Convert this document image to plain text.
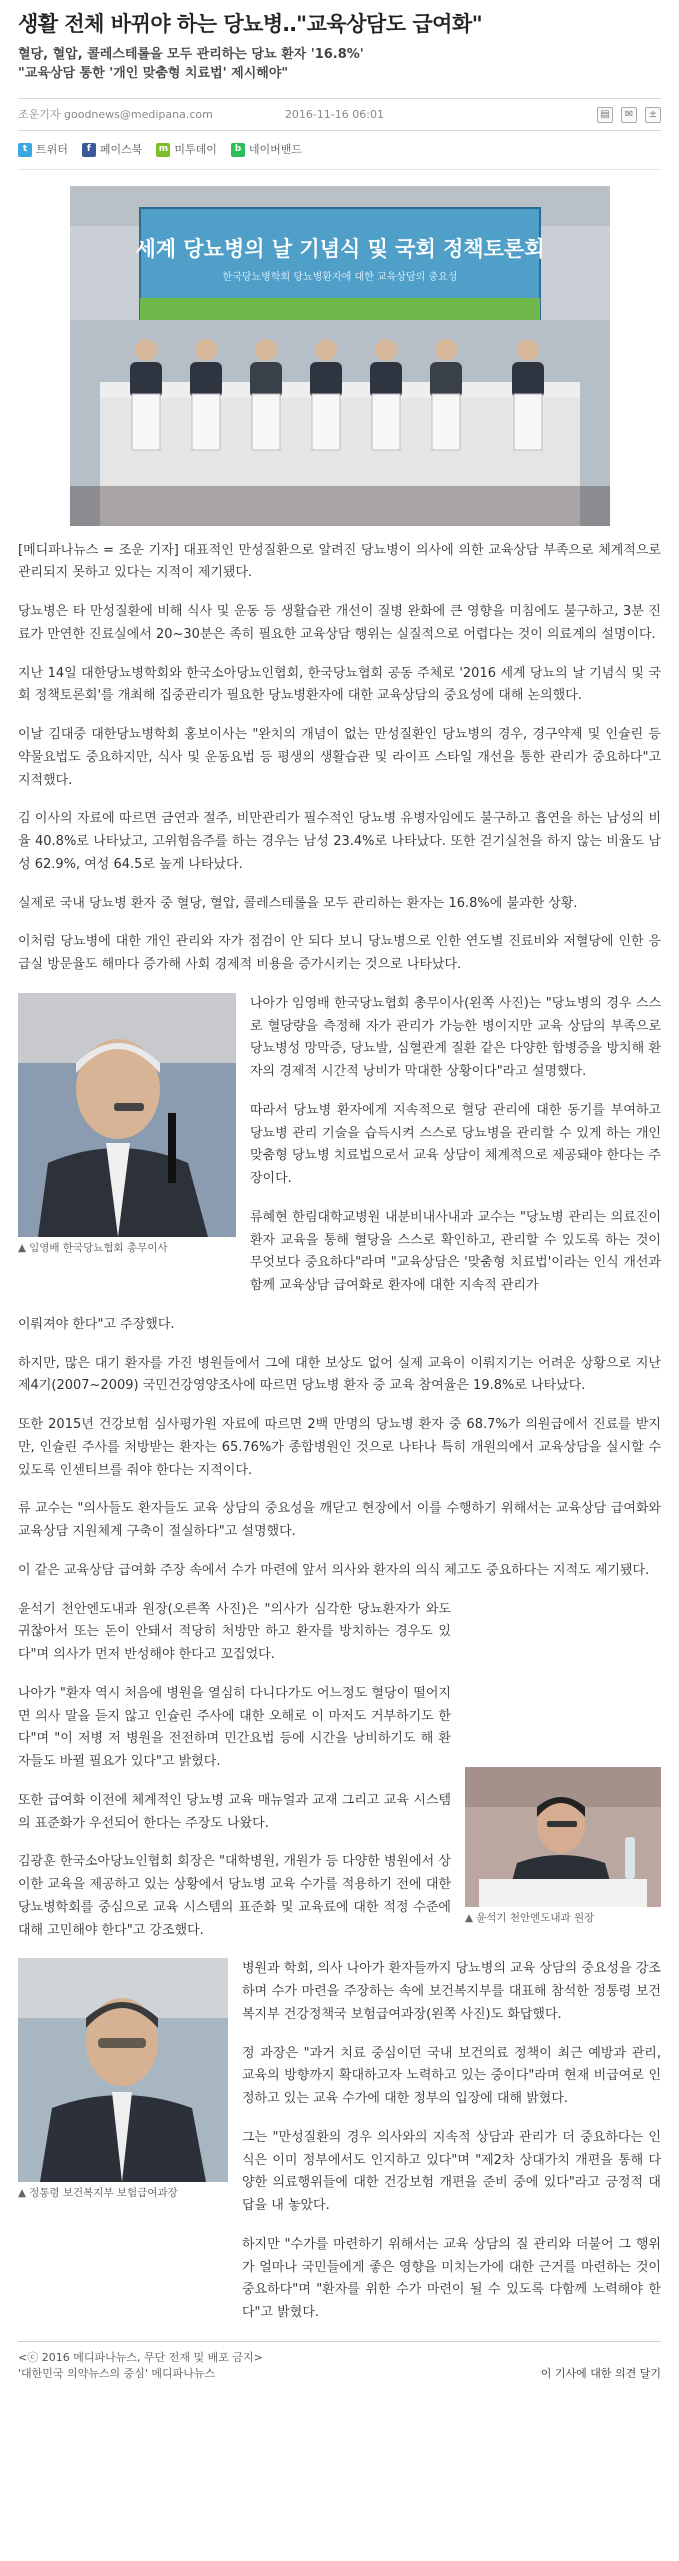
생활 전체 바뀌야 하는 당뇨병‥"교육상담도 급여화"
혈당, 혈압, 콜레스테롤을 모두 관리하는 당뇨 환자 '16.8%'
"교육상담 통한 '개인 맞춤형 치료법' 제시해야"
조운기자 goodnews@medipana.com	2016-11-16 06:01	▤	✉	±
t 트위터	f 페이스북 m 미투데이	b 네이버밴드
세계 당뇨병의 날 기념식 및 국회 정책토론회
한국당뇨병학회 당뇨병환자에 대한 교육상담의 중요성

[메디파나뉴스 = 조운 기자] 대표적인 만성질환으로 알려진 당뇨병이 의사에 의한 교육상담 부족으로 체계적으로 관리되지 못하고 있다는 지적이 제기됐다.

당뇨병은 타 만성질환에 비해 식사 및 운동 등 생활습관 개선이 질병 완화에 큰 영향을 미침에도 불구하고, 3분 진료가 만연한 진료실에서 20~30분은 족히 필요한 교육상담 행위는 실질적으로 어렵다는 것이 의료계의 설명이다.

지난 14일 대한당뇨병학회와 한국소아당뇨인협회, 한국당뇨협회 공동 주체로 '2016 세계 당뇨의 날 기념식 및 국회 정책토론회'를 개최해 집중관리가 필요한 당뇨병환자에 대한 교육상담의 중요성에 대해 논의했다.

이날 김대중 대한당뇨병학회 홍보이사는 "완치의 개념이 없는 만성질환인 당뇨병의 경우, 경구약제 및 인슐린 등 약물요법도 중요하지만, 식사 및 운동요법 등 평생의 생활습관 및 라이프 스타일 개선을 통한 관리가 중요하다"고 지적했다.

김 이사의 자료에 따르면 금연과 절주, 비만관리가 필수적인 당뇨병 유병자임에도 불구하고 흡연을 하는 남성의 비율 40.8%로 나타났고, 고위험음주를 하는 경우는 남성 23.4%로 나타났다. 또한 걷기실천을 하지 않는 비율도 남성 62.9%, 여성 64.5로 높게 나타났다.

실제로 국내 당뇨병 환자 중 혈당, 혈압, 콜레스테롤을 모두 관리하는 환자는 16.8%에 불과한 상황.

이처럼 당뇨병에 대한 개인 관리와 자가 점검이 안 되다 보니 당뇨병으로 인한 연도별 진료비와 저혈당에 인한 응급실 방문율도 해마다 증가해 사회 경제적 비용을 증가시키는 것으로 나타났다.

▲ 임영배 한국당뇨협회 총무이사

나아가 임영배 한국당뇨협회 총무이사(왼쪽 사진)는 "당뇨병의 경우 스스로 혈당량을 측정해 자가 관리가 가능한 병이지만 교육 상담의 부족으로 당뇨병성 망막증, 당뇨발, 심혈관계 질환 같은 다양한 합병증을 방치해 환자의 경제적 시간적 낭비가 막대한 상황이다"라고 설명했다.

따라서 당뇨병 환자에게 지속적으로 혈당 관리에 대한 동기를 부여하고 당뇨병 관리 기술을 습득시켜 스스로 당뇨병을 관리할 수 있게 하는 개인 맞춤형 당뇨병 치료법으로서 교육 상담이 체계적으로 제공돼야 한다는 주장이다.

류혜현 한림대학교병원 내분비내사내과 교수는 "당뇨병 관리는 의료진이 환자 교육을 통해 혈당을 스스로 확인하고, 관리할 수 있도록 하는 것이 무엇보다 중요하다"라며 "교육상담은 '맞춤형 치료법'이라는 인식 개선과 함께 교육상담 급여화로 환자에 대한 지속적 관리가

이뤄져야 한다"고 주장했다.

하지만, 많은 대기 환자를 가진 병원들에서 그에 대한 보상도 없어 실제 교육이 이뤄지기는 어려운 상황으로 지난 제4기(2007~2009) 국민건강영양조사에 따르면 당뇨병 환자 중 교육 참여율은 19.8%로 나타났다.

또한 2015년 건강보험 심사평가원 자료에 따르면 2백 만명의 당뇨병 환자 중 68.7%가 의원급에서 진료를 받지만, 인슐린 주사를 처방받는 환자는 65.76%가 종합병원인 것으로 나타나 특히 개원의에서 교육상담을 실시할 수 있도록 인센티브를 줘야 한다는 지적이다.

류 교수는 "의사들도 환자들도 교육 상담의 중요성을 깨닫고 현장에서 이를 수행하기 위해서는 교육상담 급여화와 교육상담 지원체계 구축이 절실하다"고 설명했다.

이 같은 교육상담 급여화 주장 속에서 수가 마련에 앞서 의사와 환자의 의식 체고도 중요하다는 지적도 제기됐다.

윤석기 천안엔도내과 원장(오른쪽 사진)은 "의사가 심각한 당뇨환자가 와도 귀찮아서 또는 돈이 안돼서 적당히 처방만 하고 환자를 방치하는 경우도 있다"며 의사가 먼저 반성해야 한다고 꼬집었다.

나아가 "환자 역시 처음에 병원을 열심히 다니다가도 어느정도 혈당이 떨어지면 의사 말을 듣지 않고 인슐린 주사에 대한 오해로 이 마저도 거부하기도 한다"며 "이 저병 저 병원을 전전하며 민간요법 등에 시간을 낭비하기도 해 환자들도 바뀔 필요가 있다"고 밝혔다.

또한 급여화 이전에 체계적인 당뇨병 교육 매뉴얼과 교재 그리고 교육 시스템의 표준화가 우선되어 한다는 주장도 나왔다.

김광훈 한국소아당뇨인협회 회장은 "대학병원, 개원가 등 다양한 병원에서 상이한 교육을 제공하고 있는 상황에서 당뇨병 교육 수가를 적용하기 전에 대한당뇨병학회를 중심으로 교육 시스템의 표준화 및 교육료에 대한 적정 수준에 대해 고민해야 한다"고 강조했다.

▲ 윤석기 천안엔도내과 원장
▲ 정통령 보건복지부 보험급여과장

병원과 학회, 의사 나아가 환자들까지 당뇨병의 교육 상담의 중요성을 강조하며 수가 마련을 주장하는 속에 보건복지부를 대표해 참석한 정통령 보건복지부 건강정책국 보험급여과장(왼쪽 사진)도 화답했다.

정 과장은 "과거 치료 중심이던 국내 보건의료 정책이 최근 예방과 관리, 교육의 방향까지 확대하고자 노력하고 있는 중이다"라며 현재 비급여로 인정하고 있는 교육 수가에 대한 정부의 입장에 대해 밝혔다.

그는 "만성질환의 경우 의사와의 지속적 상담과 관리가 더 중요하다는 인식은 이미 정부에서도 인지하고 있다"며 "제2차 상대가치 개편을 통해 다양한 의료행위들에 대한 건강보험 개편을 준비 중에 있다"라고 긍정적 대답을 내 놓았다.

하지만 "수가를 마련하기 위해서는 교육 상담의 질 관리와 더불어 그 행위가 얼마나 국민들에게 좋은 영향을 미치는가에 대한 근거를 마련하는 것이 중요하다"며 "환자를 위한 수가 마련이 될 수 있도록 다함께 노력해야 한다"고 밝혔다.

<ⓒ 2016 메디파나뉴스, 무단 전재 및 배포 금지>
'대한민국 의약뉴스의 중심' 메디파나뉴스	이 기사에 대한 의견 달기
